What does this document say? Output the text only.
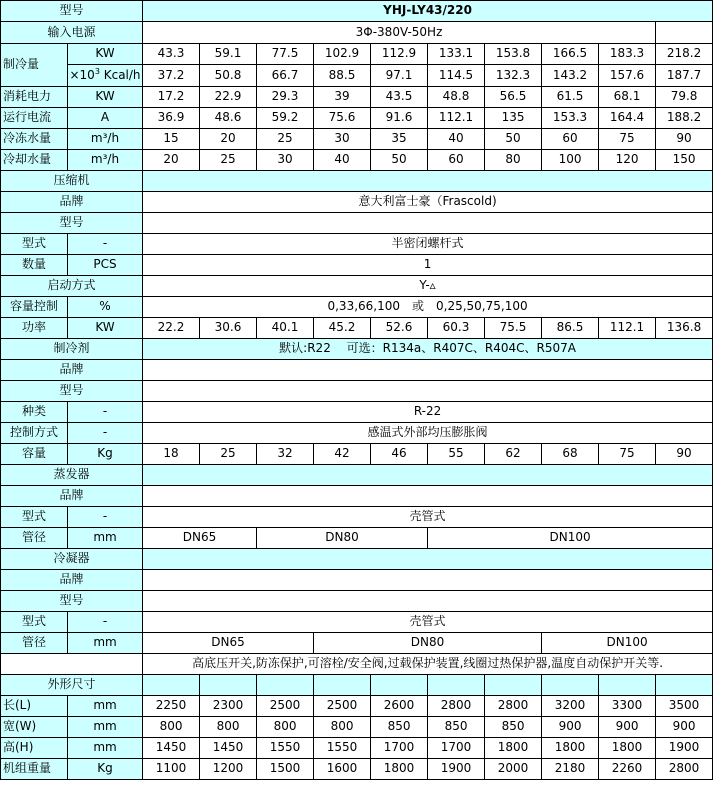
型号		YHJ-LY43/220									
输入电源		3Φ-380V-50Hz									
制冷量	KW	43.3	59.1	77.5	102.9	112.9	133.1	153.8	166.5	183.3	218.2
	$\times 10^3$ Kcal/h	37.2	50.8	66.7	88.5	97.1	114.5	132.3	143.2	157.6	187.7
消耗电力	KW	17.2	22.9	29.3	39	43.5	48.8	56.5	61.5	68.1	79.8
运行电流	A	36.9	48.6	59.2	75.6	91.6	112.1	135	153.3	164.4	188.2
冷冻水量	m³/h	15	20	25	30	35	40	50	60	75	90
冷却水量	m³/h	20	25	30	40	50	60	80	100	120	150
压缩机											
品牌		意大利富士豪（Frascold)									
型号											
型式	-	半密闭螺杆式									
数量	PCS	1									
启动方式		Y-▵									
容量控制	%	0,33,66,100　或　0,25,50,75,100									
功率	KW	22.2	30.6	40.1	45.2	52.6	60.3	75.5	86.5	112.1	136.8
制冷剂		默认:R22　 可选：R134a、R407C、R404C、R507A									
品牌											
型号											
种类	-	R-22									
控制方式	-	感温式外部均压膨胀阀									
容量	Kg	18	25	32	42	46	55	62	68	75	90
蒸发器											
品牌											
型式	-	壳管式									
管径	mm	DN65		DN80			DN100				
冷凝器											
品牌											
型号											
型式	-	壳管式									
管径	mm	DN65			DN80				DN100		
		高底压开关,防冻保护,可溶栓/安全阀,过载保护装置,线圈过热保护器,温度自动保护开关等.									
外形尺寸											
长(L)	mm	2250	2300	2500	2500	2600	2800	2800	3200	3300	3500
宽(W)	mm	800	800	800	800	850	850	850	900	900	900
高(H)	mm	1450	1450	1550	1550	1700	1700	1800	1800	1800	1900
机组重量	Kg	1100	1200	1500	1600	1800	1900	2000	2180	2260	2800
